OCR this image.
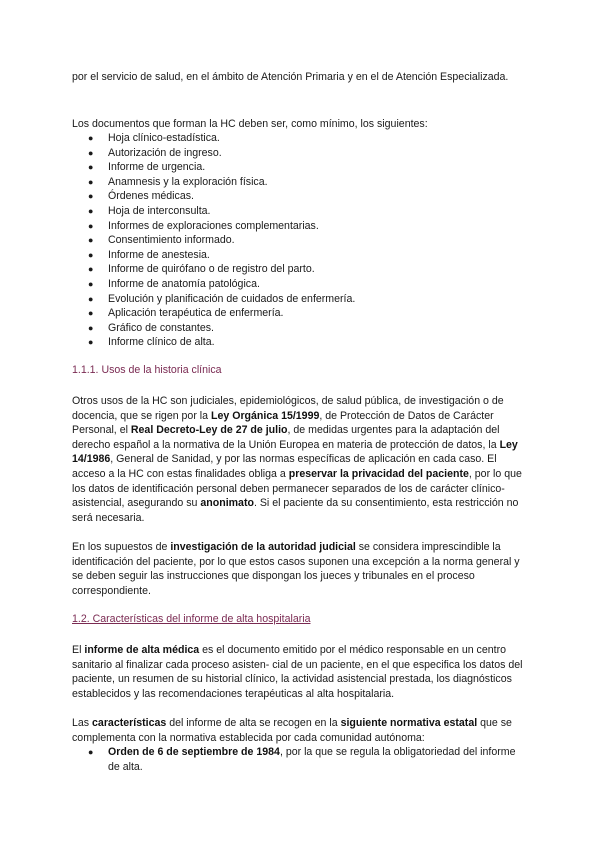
por el servicio de salud, en el ámbito de Atención Primaria y en el de Atención Especializada.

Los documentos que forman la HC deben ser, como mínimo, los siguientes:

● Hoja clínico-estadística.
● Autorización de ingreso.
● Informe de urgencia.
● Anamnesis y la exploración física.
● Órdenes médicas.
● Hoja de interconsulta.
● Informes de exploraciones complementarias.
● Consentimiento informado.
● Informe de anestesia.
● Informe de quirófano o de registro del parto.
● Informe de anatomía patológica.
● Evolución y planificación de cuidados de enfermería.
● Aplicación terapéutica de enfermería.
● Gráfico de constantes.
● Informe clínico de alta.

1.1.1. Usos de la historia clínica

Otros usos de la HC son judiciales, epidemiológicos, de salud pública, de investigación o de docencia, que se rigen por la Ley Orgánica 15/1999, de Protección de Datos de Carácter Personal, el Real Decreto-Ley de 27 de julio, de medidas urgentes para la adaptación del derecho español a la normativa de la Unión Europea en materia de protección de datos, la Ley 14/1986, General de Sanidad, y por las normas específicas de aplicación en cada caso. El acceso a la HC con estas finalidades obliga a preservar la privacidad del paciente, por lo que los datos de identificación personal deben permanecer separados de los de carácter clínico-asistencial, asegurando su anonimato. Si el paciente da su consentimiento, esta restricción no será necesaria.

En los supuestos de investigación de la autoridad judicial se considera imprescindible la identificación del paciente, por lo que estos casos suponen una excepción a la norma general y se deben seguir las instrucciones que dispongan los jueces y tribunales en el proceso correspondiente.

1.2. Características del informe de alta hospitalaria

El informe de alta médica es el documento emitido por el médico responsable en un centro sanitario al finalizar cada proceso asisten- cial de un paciente, en el que especifica los datos del paciente, un resumen de su historial clínico, la actividad asistencial prestada, los diagnósticos establecidos y las recomendaciones terapéuticas al alta hospitalaria.

Las características del informe de alta se recogen en la siguiente normativa estatal que se complementa con la normativa establecida por cada comunidad autónoma:

● Orden de 6 de septiembre de 1984, por la que se regula la obligatoriedad del informe de alta.
